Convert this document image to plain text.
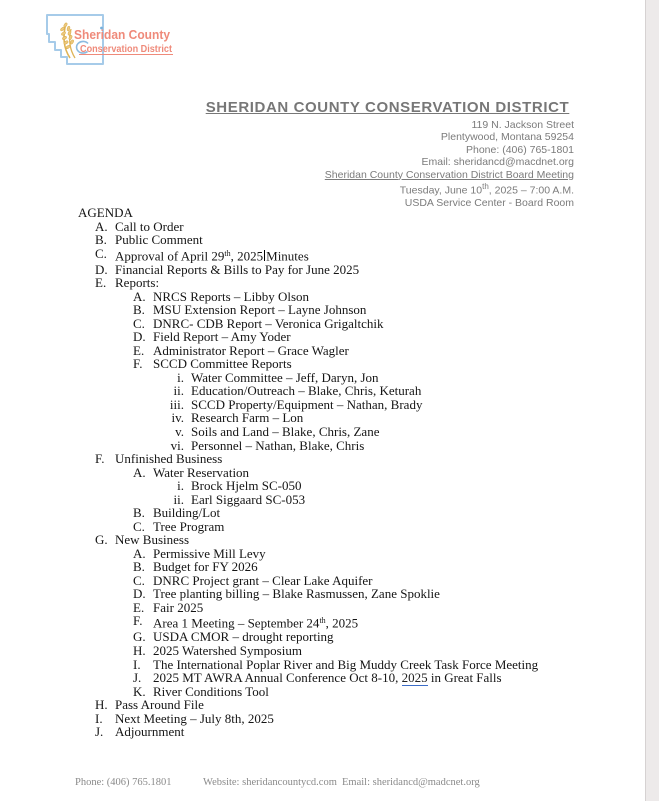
Sheridan County
Conservation District
SHERIDAN COUNTY CONSERVATION DISTRICT
119 N. Jackson Street
Plentywood, Montana 59254
Phone: (406) 765-1801
Email: sheridancd@macdnet.org
Sheridan County Conservation District Board Meeting
Tuesday, June 10th, 2025 – 7:00 A.M.
USDA Service Center - Board Room
AGENDA
A. Call to Order
B. Public Comment
C. Approval of April 29th, 2025 Minutes
D. Financial Reports & Bills to Pay for June 2025
E. Reports:
A. NRCS Reports – Libby Olson
B. MSU Extension Report – Layne Johnson
C. DNRC- CDB Report – Veronica Grigaltchik
D. Field Report – Amy Yoder
E. Administrator Report – Grace Wagler
F. SCCD Committee Reports
i. Water Committee – Jeff, Daryn, Jon
ii. Education/Outreach – Blake, Chris, Keturah
iii. SCCD Property/Equipment – Nathan, Brady
iv. Research Farm – Lon
v. Soils and Land – Blake, Chris, Zane
vi. Personnel – Nathan, Blake, Chris
F. Unfinished Business
A. Water Reservation
i. Brock Hjelm SC-050
ii. Earl Siggaard SC-053
B. Building/Lot
C. Tree Program
G. New Business
A. Permissive Mill Levy
B. Budget for FY 2026
C. DNRC Project grant – Clear Lake Aquifer
D. Tree planting billing – Blake Rasmussen, Zane Spoklie
E. Fair 2025
F. Area 1 Meeting – September 24th, 2025
G. USDA CMOR – drought reporting
H. 2025 Watershed Symposium
I. The International Poplar River and Big Muddy Creek Task Force Meeting
J. 2025 MT AWRA Annual Conference Oct 8-10, 2025 in Great Falls
K. River Conditions Tool
H. Pass Around File
I. Next Meeting – July 8th, 2025
J. Adjournment
Phone: (406) 765.1801	Website: sheridancountycd.com Email: sheridancd@madcnet.org
